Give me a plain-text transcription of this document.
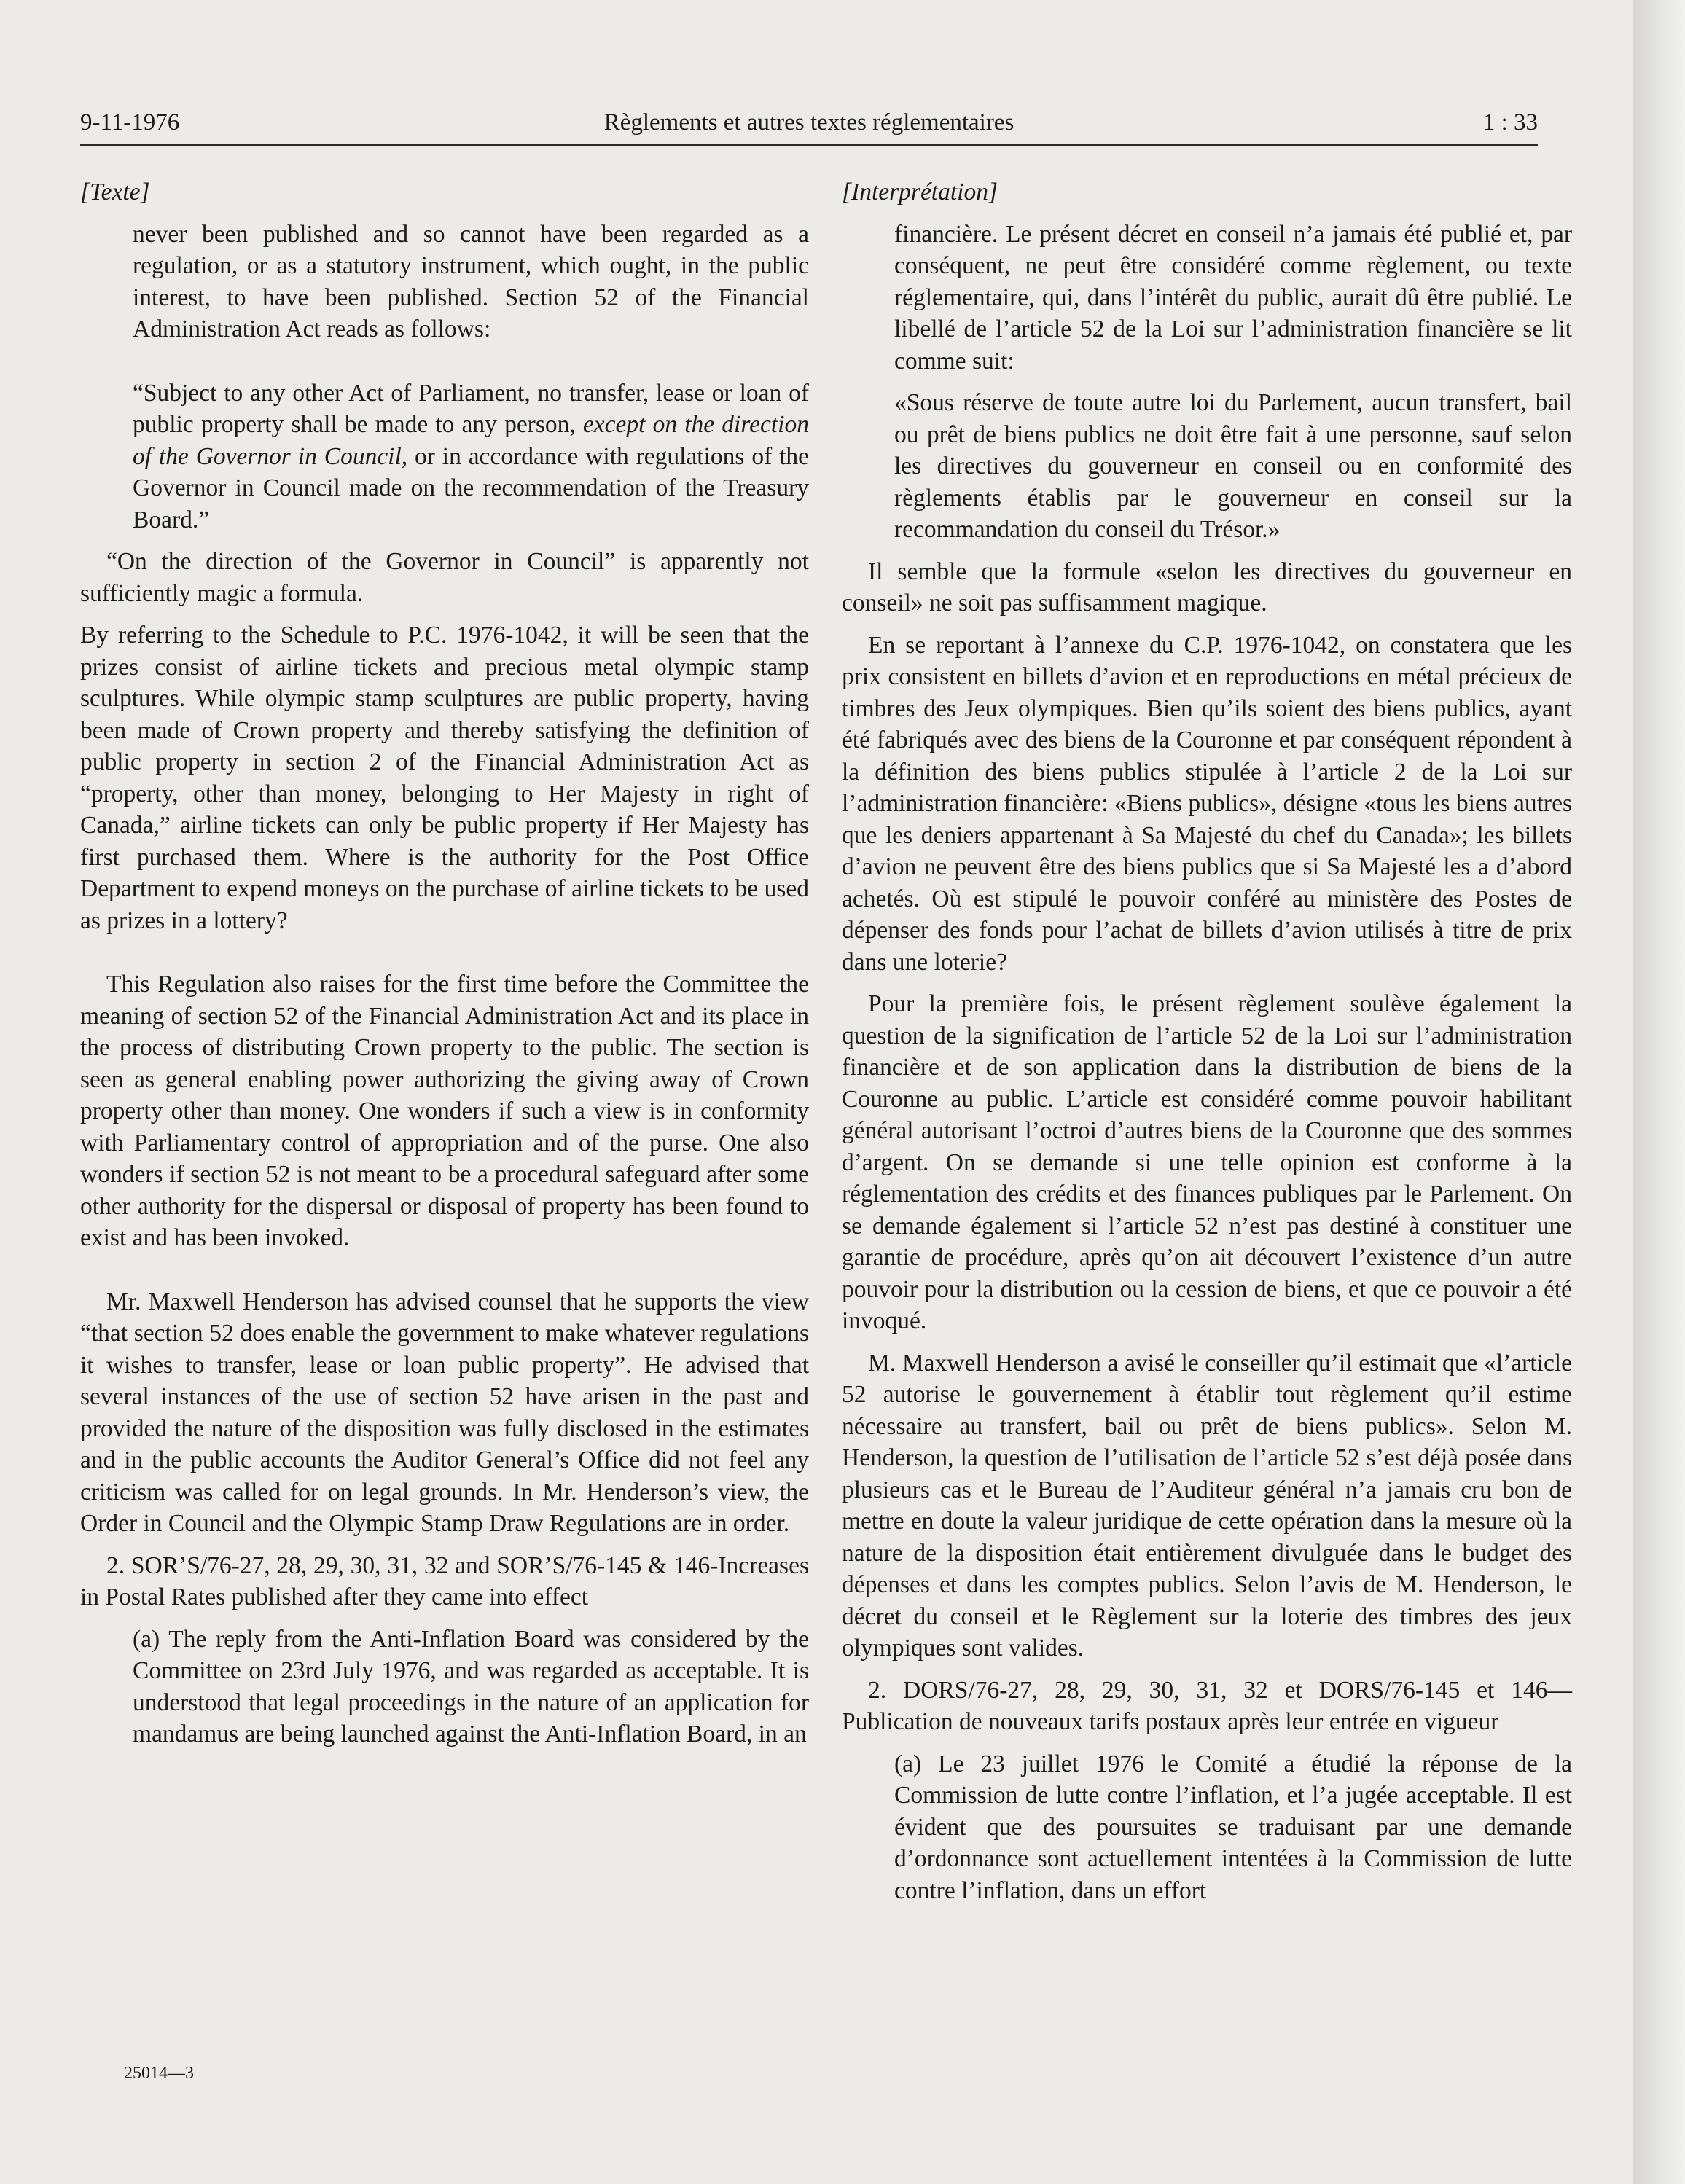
9-11-1976	Règlements et autres textes réglementaires	1 : 33

[Texte]

never been published and so cannot have been regarded as a regulation, or as a statutory instrument, which ought, in the public interest, to have been published. Section 52 of the Financial Administration Act reads as follows:

“Subject to any other Act of Parliament, no transfer, lease or loan of public property shall be made to any person, except on the direction of the Governor in Council, or in accordance with regulations of the Governor in Council made on the recommendation of the Treasury Board.”

“On the direction of the Governor in Council” is apparently not sufficiently magic a formula.

By referring to the Schedule to P.C. 1976-1042, it will be seen that the prizes consist of airline tickets and precious metal olympic stamp sculptures. While olympic stamp sculptures are public property, having been made of Crown property and thereby satisfying the definition of public property in section 2 of the Financial Administration Act as “property, other than money, belonging to Her Majesty in right of Canada,” airline tickets can only be public property if Her Majesty has first purchased them. Where is the authority for the Post Office Department to expend moneys on the purchase of airline tickets to be used as prizes in a lottery?

This Regulation also raises for the first time before the Committee the meaning of section 52 of the Financial Administration Act and its place in the process of distributing Crown property to the public. The section is seen as general enabling power authorizing the giving away of Crown property other than money. One wonders if such a view is in conformity with Parliamentary control of appropriation and of the purse. One also wonders if section 52 is not meant to be a procedural safeguard after some other authority for the dispersal or disposal of property has been found to exist and has been invoked.

Mr. Maxwell Henderson has advised counsel that he supports the view “that section 52 does enable the government to make whatever regulations it wishes to transfer, lease or loan public property”. He advised that several instances of the use of section 52 have arisen in the past and provided the nature of the disposition was fully disclosed in the estimates and in the public accounts the Auditor General’s Office did not feel any criticism was called for on legal grounds. In Mr. Henderson’s view, the Order in Council and the Olympic Stamp Draw Regulations are in order.

2. SOR’S/76-27, 28, 29, 30, 31, 32 and SOR’S/76-145 & 146-Increases in Postal Rates published after they came into effect

(a) The reply from the Anti-Inflation Board was considered by the Committee on 23rd July 1976, and was regarded as acceptable. It is understood that legal proceedings in the nature of an application for mandamus are being launched against the Anti-Inflation Board, in an

[Interprétation]

financière. Le présent décret en conseil n’a jamais été publié et, par conséquent, ne peut être considéré comme règlement, ou texte réglementaire, qui, dans l’intérêt du public, aurait dû être publié. Le libellé de l’article 52 de la Loi sur l’administration financière se lit comme suit:

«Sous réserve de toute autre loi du Parlement, aucun transfert, bail ou prêt de biens publics ne doit être fait à une personne, sauf selon les directives du gouverneur en conseil ou en conformité des règlements établis par le gouverneur en conseil sur la recommandation du conseil du Trésor.»

Il semble que la formule «selon les directives du gouverneur en conseil» ne soit pas suffisamment magique.

En se reportant à l’annexe du C.P. 1976-1042, on constatera que les prix consistent en billets d’avion et en reproductions en métal précieux de timbres des Jeux olympiques. Bien qu’ils soient des biens publics, ayant été fabriqués avec des biens de la Couronne et par conséquent répondent à la définition des biens publics stipulée à l’article 2 de la Loi sur l’administration financière: «Biens publics», désigne «tous les biens autres que les deniers appartenant à Sa Majesté du chef du Canada»; les billets d’avion ne peuvent être des biens publics que si Sa Majesté les a d’abord achetés. Où est stipulé le pouvoir conféré au ministère des Postes de dépenser des fonds pour l’achat de billets d’avion utilisés à titre de prix dans une loterie?

Pour la première fois, le présent règlement soulève également la question de la signification de l’article 52 de la Loi sur l’administration financière et de son application dans la distribution de biens de la Couronne au public. L’article est considéré comme pouvoir habilitant général autorisant l’octroi d’autres biens de la Couronne que des sommes d’argent. On se demande si une telle opinion est conforme à la réglementation des crédits et des finances publiques par le Parlement. On se demande également si l’article 52 n’est pas destiné à constituer une garantie de procédure, après qu’on ait découvert l’existence d’un autre pouvoir pour la distribution ou la cession de biens, et que ce pouvoir a été invoqué.

M. Maxwell Henderson a avisé le conseiller qu’il estimait que «l’article 52 autorise le gouvernement à établir tout règlement qu’il estime nécessaire au transfert, bail ou prêt de biens publics». Selon M. Henderson, la question de l’utilisation de l’article 52 s’est déjà posée dans plusieurs cas et le Bureau de l’Auditeur général n’a jamais cru bon de mettre en doute la valeur juridique de cette opération dans la mesure où la nature de la disposition était entièrement divulguée dans le budget des dépenses et dans les comptes publics. Selon l’avis de M. Henderson, le décret du conseil et le Règlement sur la loterie des timbres des jeux olympiques sont valides.

2. DORS/76-27, 28, 29, 30, 31, 32 et DORS/76-145 et 146—Publication de nouveaux tarifs postaux après leur entrée en vigueur

(a) Le 23 juillet 1976 le Comité a étudié la réponse de la Commission de lutte contre l’inflation, et l’a jugée acceptable. Il est évident que des poursuites se traduisant par une demande d’ordonnance sont actuellement intentées à la Commission de lutte contre l’inflation, dans un effort

25014—3
